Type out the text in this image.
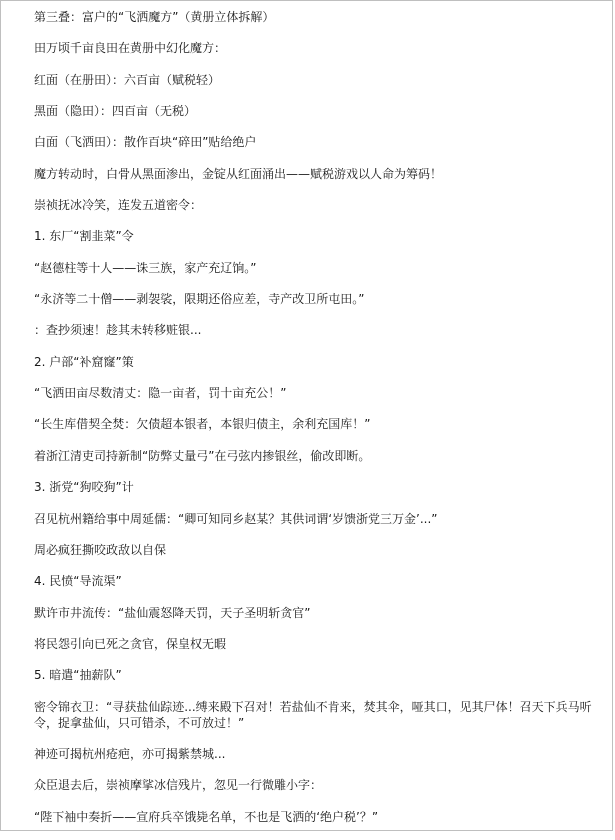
第三叠：富户的“飞洒魔方”（黄册立体拆解）
田万顷千亩良田在黄册中幻化魔方：
红面（在册田）：六百亩（赋税轻）
黑面（隐田）：四百亩（无税）
白面（飞洒田）：散作百块“碎田”贴给绝户
魔方转动时，白骨从黑面渗出，金锭从红面涌出——赋税游戏以人命为筹码！
崇祯抚冰冷笑，连发五道密令：
1. 东厂“割韭菜”令
“赵德柱等十人——诛三族，家产充辽饷。”
“永济等二十僧——剥袈裟，限期还俗应差，寺产改卫所屯田。”
：查抄须速！趁其未转移赃银...
2. 户部“补窟窿”策
“飞洒田亩尽数清丈：隐一亩者，罚十亩充公！”
“长生库借契全焚：欠债超本银者，本银归债主，余利充国库！”
着浙江清吏司持新制“防弊丈量弓”在弓弦内掺银丝，偷改即断。
3. 浙党“狗咬狗”计
召见杭州籍给事中周延儒：“卿可知同乡赵某？其供词谓‘岁馈浙党三万金’...”
周必疯狂撕咬政敌以自保
4. 民愤“导流渠”
默许市井流传：“盐仙震怒降天罚，天子圣明斩贪官”
将民怨引向已死之贪官，保皇权无暇
5. 暗遣“抽薪队”
密令锦衣卫：“寻获盐仙踪迹...缚来殿下召对！若盐仙不肯来，焚其伞，哑其口，见其尸体！召天下兵马听令，捉拿盐仙，只可错杀，不可放过！”
神迹可揭杭州疮疤，亦可揭紫禁城...
众臣退去后，崇祯摩挲冰信残片，忽见一行微雕小字：
“陛下袖中奏折——宣府兵卒饿毙名单，不也是飞洒的‘绝户税’？”
